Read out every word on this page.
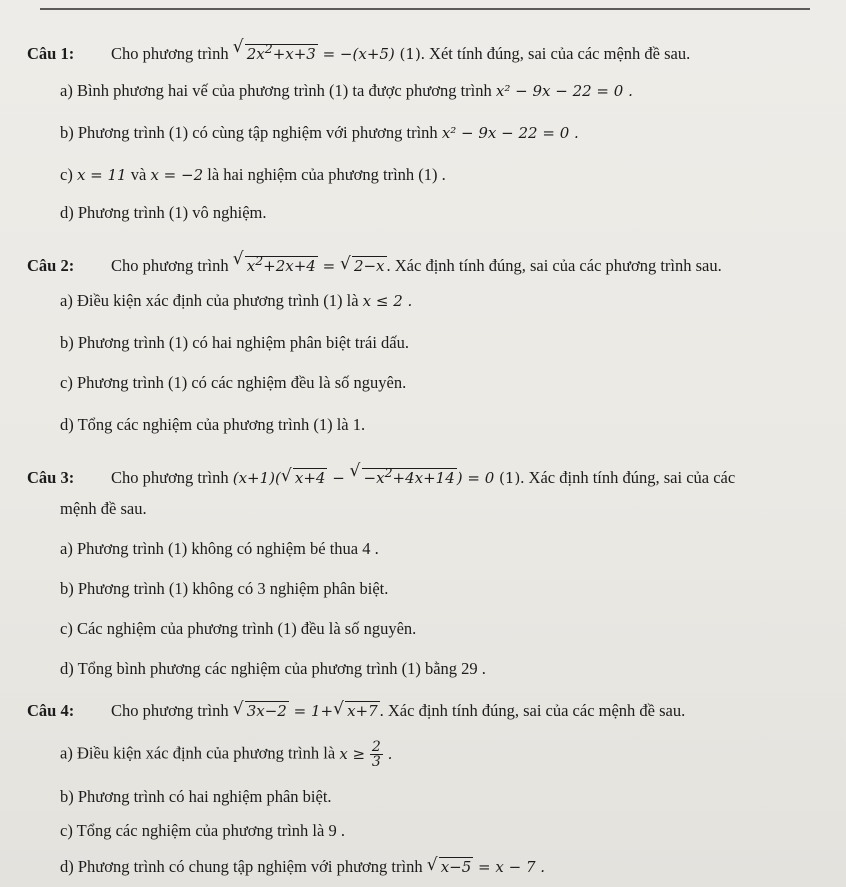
Câu 1: Cho phương trình √ $2x^2+x+3 = -(x+5)$ (1). Xét tính đúng, sai của các mệnh đề sau.
a) Bình phương hai vế của phương trình (1) ta được phương trình x² − 9x − 22 = 0 .
b) Phương trình (1) có cùng tập nghiệm với phương trình x² − 9x − 22 = 0 .
c) x = 11 và x = −2 là hai nghiệm của phương trình (1) .
d) Phương trình (1) vô nghiệm.
Câu 2: Cho phương trình √ $x^2+2x+4$ = √ 2−x . Xác định tính đúng, sai của các phương trình sau.
a) Điều kiện xác định của phương trình (1) là x ≤ 2 .
b) Phương trình (1) có hai nghiệm phân biệt trái dấu.
c) Phương trình (1) có các nghiệm đều là số nguyên.
d) Tổng các nghiệm của phương trình (1) là 1.
Câu 3: Cho phương trình (x+1)( √ x+4 − √ $-x^2+4x+14$ ) = 0 (1). Xác định tính đúng, sai của các
mệnh đề sau.
a) Phương trình (1) không có nghiệm bé thua 4 .
b) Phương trình (1) không có 3 nghiệm phân biệt.
c) Các nghiệm của phương trình (1) đều là số nguyên.
d) Tổng bình phương các nghiệm của phương trình (1) bằng 29 .
Câu 4: Cho phương trình √ 3x−2 = 1+ √ x+7 . Xác định tính đúng, sai của các mệnh đề sau.
a) Điều kiện xác định của phương trình là $x \ge \frac{2}{3}$ .
b) Phương trình có hai nghiệm phân biệt.
c) Tổng các nghiệm của phương trình là 9 .
d) Phương trình có chung tập nghiệm với phương trình √ x−5 = x − 7 .
